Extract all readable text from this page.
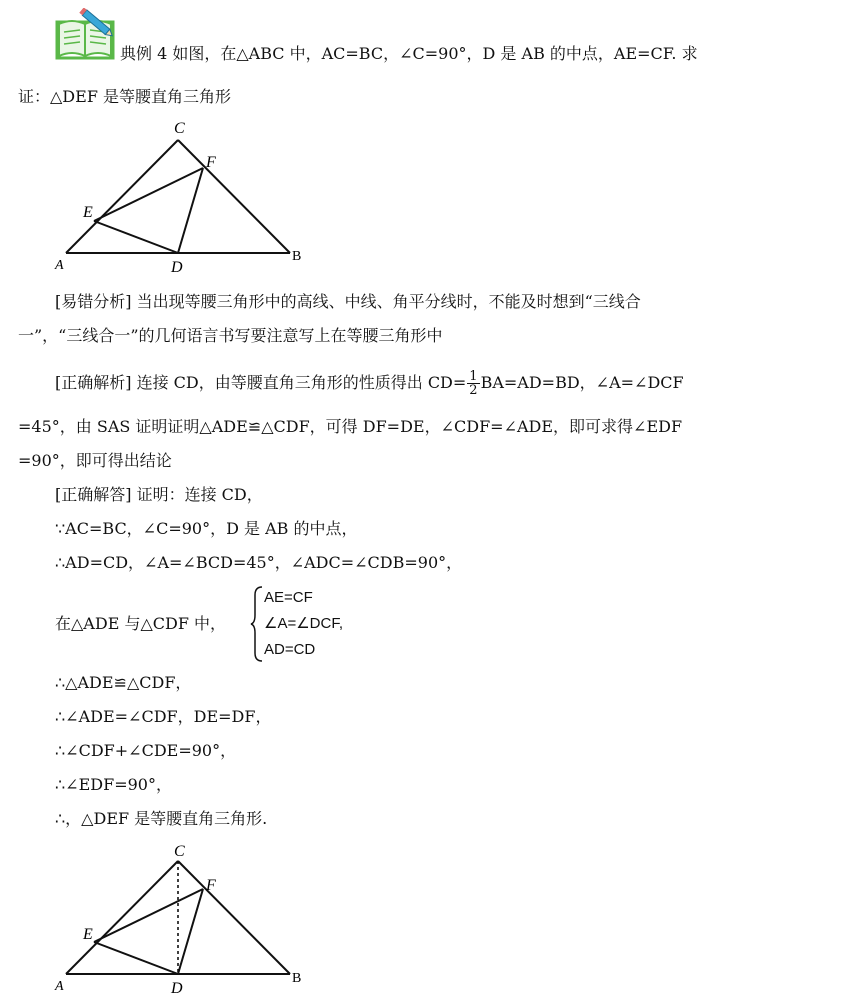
典例 4 如图，在△ABC 中，AC=BC，∠C=90°，D 是 AB 的中点，AE=CF. 求
证：△DEF 是等腰直角三角形
C
F
E
A	D
B
[易错分析] 当出现等腰三角形中的高线、中线、角平分线时，不能及时想到“三线合
一”，“三线合一”的几何语言书写要注意写上在等腰三角形中
[正确解析] 连接 CD，由等腰直角三角形的性质得出 $CD= \frac{1}{2} BA=AD=BD$，∠A=∠DCF
=45°，由 SAS 证明证明△ADE≌△CDF，可得 DF=DE，∠CDF=∠ADE，即可求得∠EDF
=90°，即可得出结论
[正确解答] 证明：连接 CD，
∵AC=BC，∠C=90°，D 是 AB 的中点，
∴AD=CD，∠A=∠BCD=45°，∠ADC=∠CDB=90°，
在△ADE 与△CDF 中，
AE=CF
∠A=∠DCF,
AD=CD
∴△ADE≌△CDF，
∴∠ADE=∠CDF，DE=DF，
∴∠CDF+∠CDE=90°，
∴∠EDF=90°，
∴，△DEF 是等腰直角三角形.
C
F
E
A	D
B
